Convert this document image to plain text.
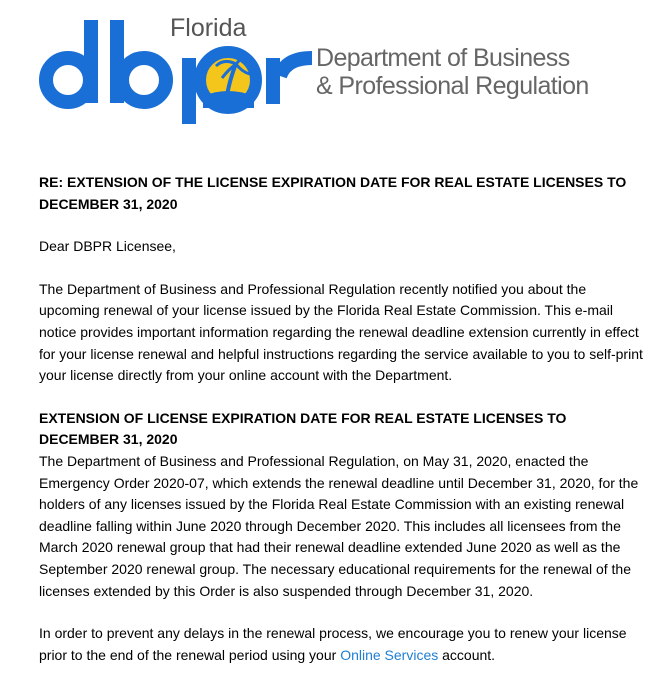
Florida
Department of Business
& Professional Regulation

RE: EXTENSION OF THE LICENSE EXPIRATION DATE FOR REAL ESTATE LICENSES TO DECEMBER 31, 2020

Dear DBPR Licensee,

The Department of Business and Professional Regulation recently notified you about the upcoming renewal of your license issued by the Florida Real Estate Commission. This e-mail notice provides important information regarding the renewal deadline extension currently in effect for your license renewal and helpful instructions regarding the service available to you to self-print your license directly from your online account with the Department.

EXTENSION OF LICENSE EXPIRATION DATE FOR REAL ESTATE LICENSES TO DECEMBER 31, 2020
The Department of Business and Professional Regulation, on May 31, 2020, enacted the Emergency Order 2020-07, which extends the renewal deadline until December 31, 2020, for the holders of any licenses issued by the Florida Real Estate Commission with an existing renewal deadline falling within June 2020 through December 2020. This includes all licensees from the March 2020 renewal group that had their renewal deadline extended June 2020 as well as the September 2020 renewal group. The necessary educational requirements for the renewal of the licenses extended by this Order is also suspended through December 31, 2020.

In order to prevent any delays in the renewal process, we encourage you to renew your license prior to the end of the renewal period using your Online Services account.
